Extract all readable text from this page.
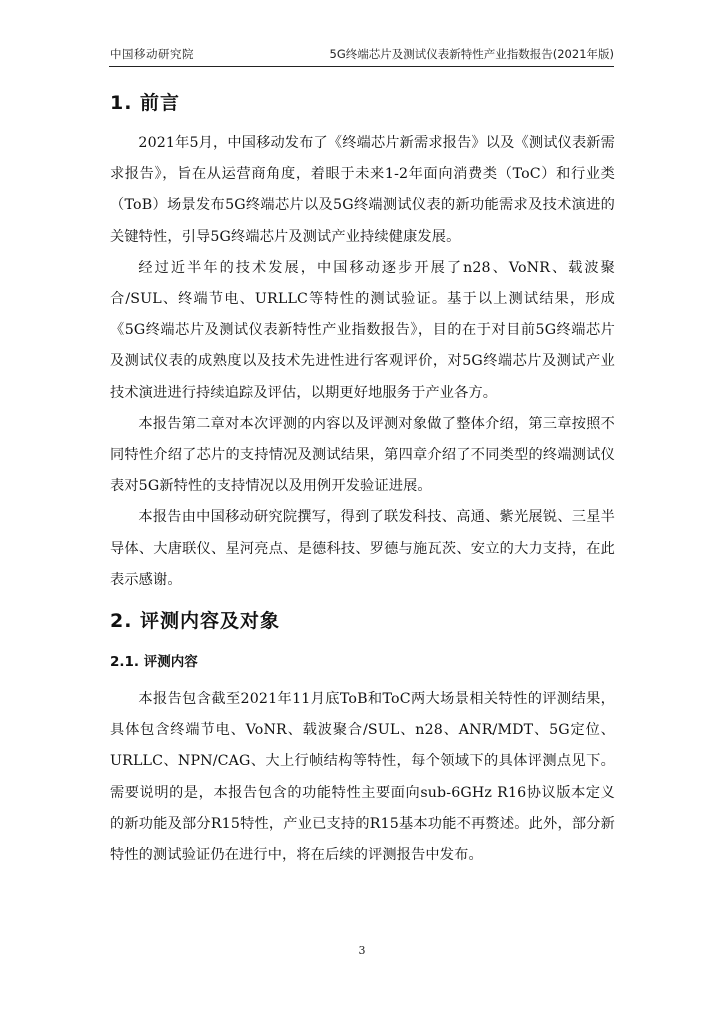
中国移动研究院	5G终端芯片及测试仪表新特性产业指数报告(2021年版)
1. 前言

2021年5月，中国移动发布了《终端芯片新需求报告》以及《测试仪表新需求报告》，旨在从运营商角度，着眼于未来1-2年面向消费类（ToC）和行业类（ToB）场景发布5G终端芯片以及5G终端测试仪表的新功能需求及技术演进的关键特性，引导5G终端芯片及测试产业持续健康发展。

经过近半年的技术发展，中国移动逐步开展了n28、VoNR、载波聚合/SUL、终端节电、URLLC等特性的测试验证。基于以上测试结果，形成《5G终端芯片及测试仪表新特性产业指数报告》，目的在于对目前5G终端芯片及测试仪表的成熟度以及技术先进性进行客观评价，对5G终端芯片及测试产业技术演进进行持续追踪及评估，以期更好地服务于产业各方。

本报告第二章对本次评测的内容以及评测对象做了整体介绍，第三章按照不同特性介绍了芯片的支持情况及测试结果，第四章介绍了不同类型的终端测试仪表对5G新特性的支持情况以及用例开发验证进展。

本报告由中国移动研究院撰写，得到了联发科技、高通、紫光展锐、三星半导体、大唐联仪、星河亮点、是德科技、罗德与施瓦茨、安立的大力支持，在此表示感谢。

2. 评测内容及对象
2.1. 评测内容

本报告包含截至2021年11月底ToB和ToC两大场景相关特性的评测结果，具体包含终端节电、VoNR、载波聚合/SUL、n28、ANR/MDT、5G定位、URLLC、NPN/CAG、大上行帧结构等特性，每个领域下的具体评测点见下。需要说明的是，本报告包含的功能特性主要面向sub-6GHz R16协议版本定义的新功能及部分R15特性，产业已支持的R15基本功能不再赘述。此外，部分新特性的测试验证仍在进行中，将在后续的评测报告中发布。

3
